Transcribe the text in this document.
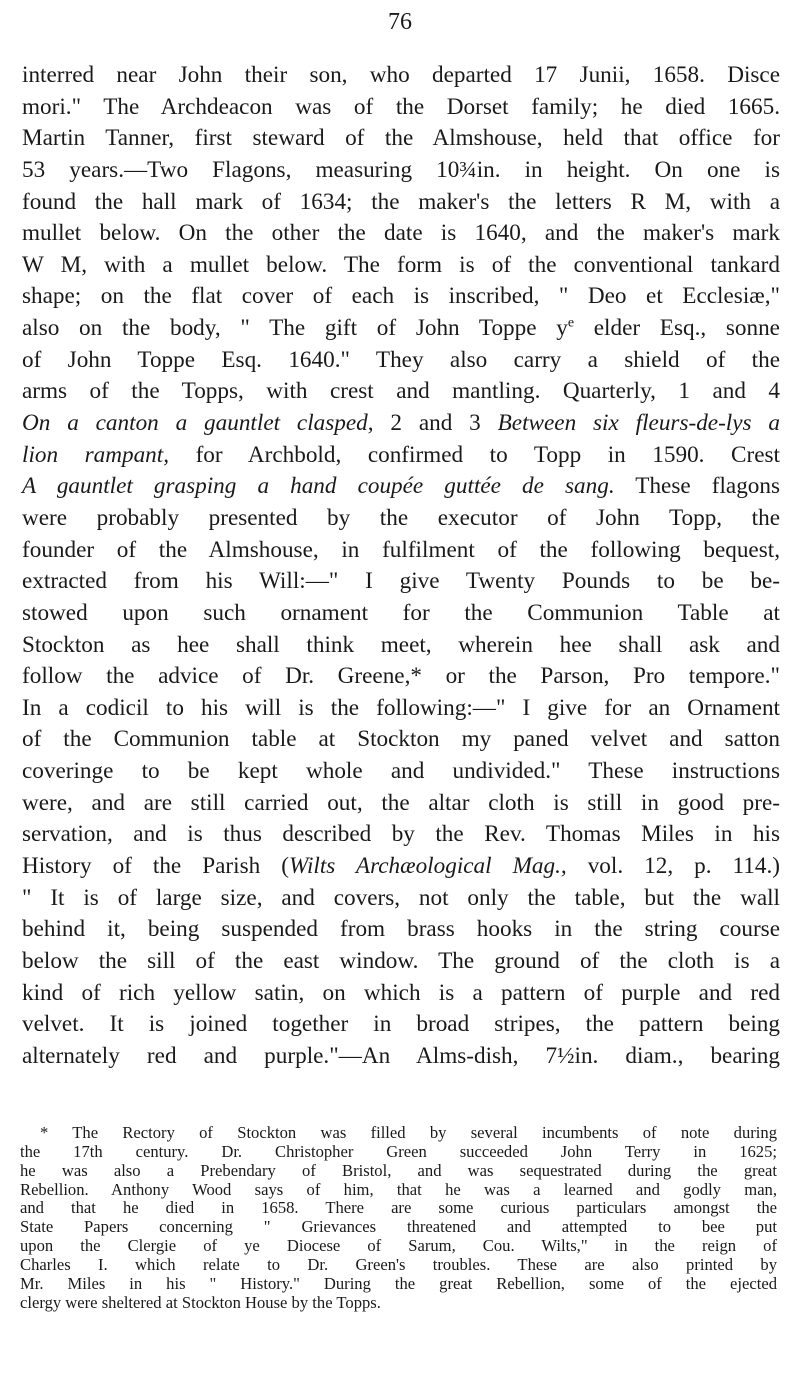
76
interred near John their son, who departed 17 Junii, 1658. Disce
mori." The Archdeacon was of the Dorset family; he died 1665.
Martin Tanner, first steward of the Almshouse, held that office for
53 years.—Two Flagons, measuring 10¾in. in height. On one is
found the hall mark of 1634; the maker's the letters R M, with a
mullet below. On the other the date is 1640, and the maker's mark
W M, with a mullet below. The form is of the conventional tankard
shape; on the flat cover of each is inscribed, " Deo et Ecclesiæ,"
also on the body, " The gift of John Toppe $y^e$ elder Esq., sonne
of John Toppe Esq. 1640." They also carry a shield of the
arms of the Topps, with crest and mantling. Quarterly, 1 and 4
On a canton a gauntlet clasped, 2 and 3 Between six fleurs-de-lys a
lion rampant, for Archbold, confirmed to Topp in 1590. Crest
A gauntlet grasping a hand coupée guttée de sang. These flagons
were probably presented by the executor of John Topp, the
founder of the Almshouse, in fulfilment of the following bequest,
extracted from his Will:—" I give Twenty Pounds to be be-
stowed upon such ornament for the Communion Table at
Stockton as hee shall think meet, wherein hee shall ask and
follow the advice of Dr. Greene,* or the Parson, Pro tempore."
In a codicil to his will is the following:—" I give for an Ornament
of the Communion table at Stockton my paned velvet and satton
coveringe to be kept whole and undivided." These instructions
were, and are still carried out, the altar cloth is still in good pre-
servation, and is thus described by the Rev. Thomas Miles in his
History of the Parish (Wilts Archæological Mag., vol. 12, p. 114.)
" It is of large size, and covers, not only the table, but the wall
behind it, being suspended from brass hooks in the string course
below the sill of the east window. The ground of the cloth is a
kind of rich yellow satin, on which is a pattern of purple and red
velvet. It is joined together in broad stripes, the pattern being
alternately red and purple."—An Alms-dish, 7½in. diam., bearing
* The Rectory of Stockton was filled by several incumbents of note during
the 17th century. Dr. Christopher Green succeeded John Terry in 1625;
he was also a Prebendary of Bristol, and was sequestrated during the great
Rebellion. Anthony Wood says of him, that he was a learned and godly man,
and that he died in 1658. There are some curious particulars amongst the
State Papers concerning " Grievances threatened and attempted to bee put
upon the Clergie of ye Diocese of Sarum, Cou. Wilts," in the reign of
Charles I. which relate to Dr. Green's troubles. These are also printed by
Mr. Miles in his " History." During the great Rebellion, some of the ejected
clergy were sheltered at Stockton House by the Topps.
